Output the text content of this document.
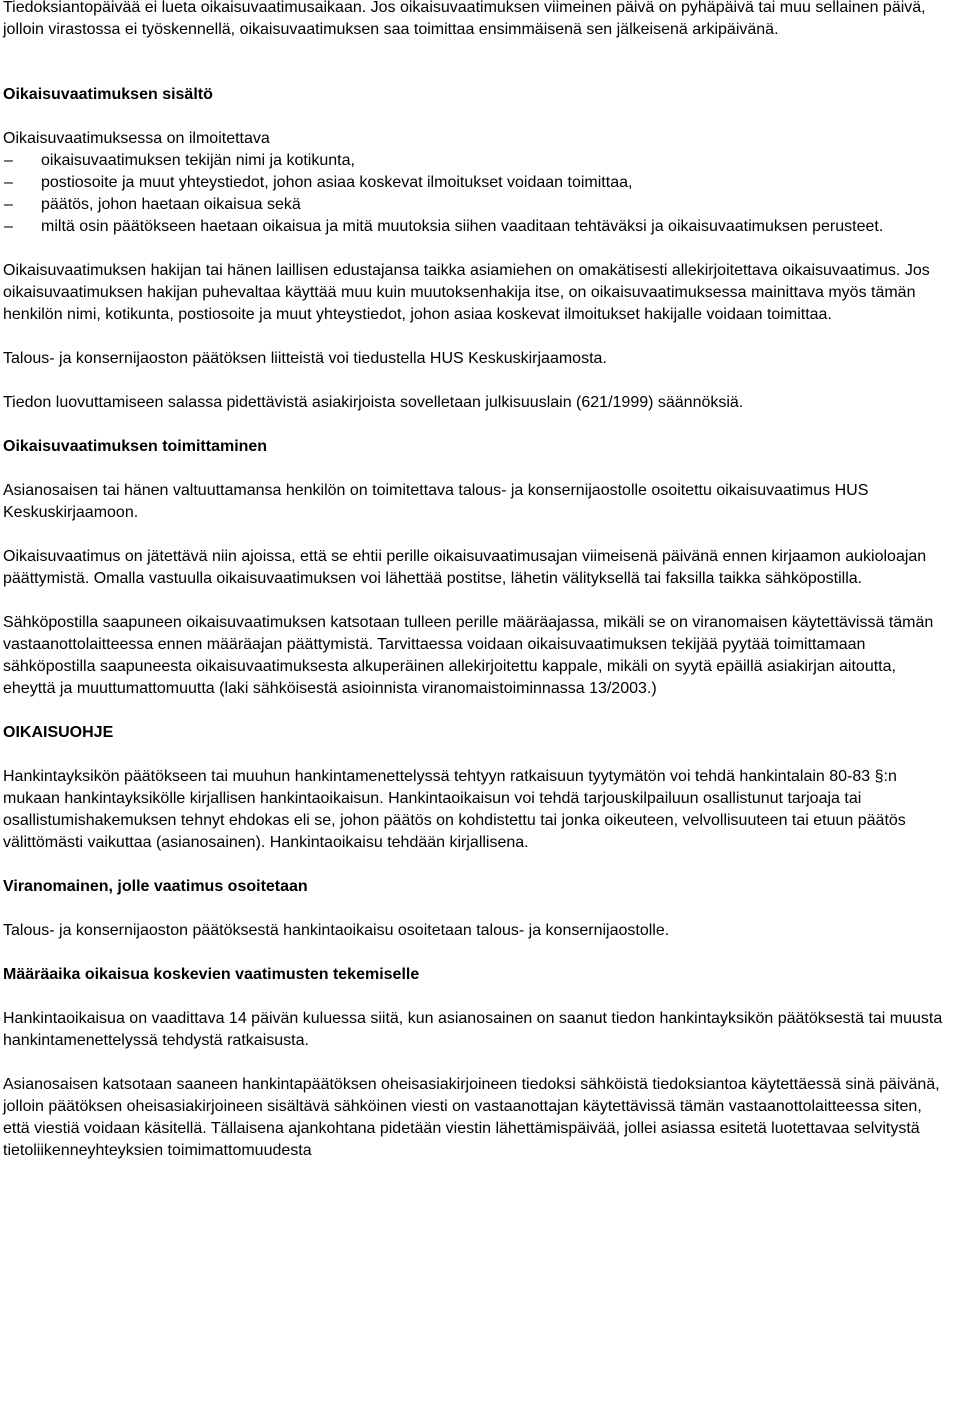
Tiedoksiantopäivää ei lueta oikaisuvaatimusaikaan. Jos oikaisuvaatimuksen viimeinen päivä on pyhäpäivä tai muu sellainen päivä, jolloin virastossa ei työskennellä, oikaisuvaatimuksen saa toimittaa ensimmäisenä sen jälkeisenä arkipäivänä.

Oikaisuvaatimuksen sisältö

Oikaisuvaatimuksessa on ilmoitettava

–	oikaisuvaatimuksen tekijän nimi ja kotikunta,
–	postiosoite ja muut yhteystiedot, johon asiaa koskevat ilmoitukset voidaan toimittaa,
–	päätös, johon haetaan oikaisua sekä
–	miltä osin päätökseen haetaan oikaisua ja mitä muutoksia siihen vaaditaan tehtäväksi ja oikaisuvaatimuksen perusteet.

Oikaisuvaatimuksen hakijan tai hänen laillisen edustajansa taikka asiamiehen on omakätisesti allekirjoitettava oikaisuvaatimus. Jos oikaisuvaatimuksen hakijan puhevaltaa käyttää muu kuin muutoksenhakija itse, on oikaisuvaatimuksessa mainittava myös tämän henkilön nimi, kotikunta, postiosoite ja muut yhteystiedot, johon asiaa koskevat ilmoitukset hakijalle voidaan toimittaa.

Talous- ja konsernijaoston päätöksen liitteistä voi tiedustella HUS Keskuskirjaamosta.

Tiedon luovuttamiseen salassa pidettävistä asiakirjoista sovelletaan julkisuuslain (621/1999) säännöksiä.

Oikaisuvaatimuksen toimittaminen

Asianosaisen tai hänen valtuuttamansa henkilön on toimitettava talous- ja konsernijaostolle osoitettu oikaisuvaatimus HUS Keskuskirjaamoon.

Oikaisuvaatimus on jätettävä niin ajoissa, että se ehtii perille oikaisuvaatimusajan viimeisenä päivänä ennen kirjaamon aukioloajan päättymistä. Omalla vastuulla oikaisuvaatimuksen voi lähettää postitse, lähetin välityksellä tai faksilla taikka sähköpostilla.

Sähköpostilla saapuneen oikaisuvaatimuksen katsotaan tulleen perille määräajassa, mikäli se on viranomaisen käytettävissä tämän vastaanottolaitteessa ennen määräajan päättymistä. Tarvittaessa voidaan oikaisuvaatimuksen tekijää pyytää toimittamaan sähköpostilla saapuneesta oikaisuvaatimuksesta alkuperäinen allekirjoitettu kappale, mikäli on syytä epäillä asiakirjan aitoutta, eheyttä ja muuttumattomuutta (laki sähköisestä asioinnista viranomaistoiminnassa 13/2003.)

OIKAISUOHJE

Hankintayksikön päätökseen tai muuhun hankintamenettelyssä tehtyyn ratkaisuun tyytymätön voi tehdä hankintalain 80-83 §:n mukaan hankintayksikölle kirjallisen hankintaoikaisun. Hankintaoikaisun voi tehdä tarjouskilpailuun osallistunut tarjoaja tai osallistumishakemuksen tehnyt ehdokas eli se, johon päätös on kohdistettu tai jonka oikeuteen, velvollisuuteen tai etuun päätös välittömästi vaikuttaa (asianosainen). Hankintaoikaisu tehdään kirjallisena.

Viranomainen, jolle vaatimus osoitetaan

Talous- ja konsernijaoston päätöksestä hankintaoikaisu osoitetaan talous- ja konsernijaostolle.

Määräaika oikaisua koskevien vaatimusten tekemiselle

Hankintaoikaisua on vaadittava 14 päivän kuluessa siitä, kun asianosainen on saanut tiedon hankintayksikön päätöksestä tai muusta hankintamenettelyssä tehdystä ratkaisusta.

Asianosaisen katsotaan saaneen hankintapäätöksen oheisasiakirjoineen tiedoksi sähköistä tiedoksiantoa käytettäessä sinä päivänä, jolloin päätöksen oheisasiakirjoineen sisältävä sähköinen viesti on vastaanottajan käytettävissä tämän vastaanottolaitteessa siten, että viestiä voidaan käsitellä. Tällaisena ajankohtana pidetään viestin lähettämispäivää, jollei asiassa esitetä luotettavaa selvitystä tietoliikenneyhteyksien toimimattomuudesta
